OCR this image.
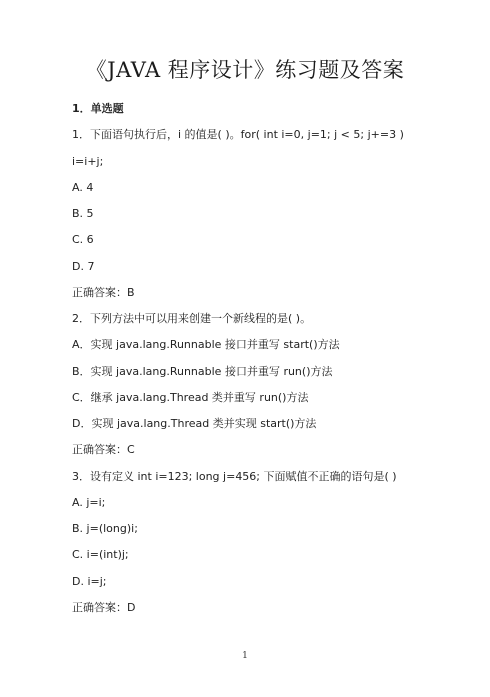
《JAVA 程序设计》练习题及答案
1．单选题
1．下面语句执行后，i 的值是( )。for( int i=0, j=1; j < 5; j+=3 )
i=i+j;
A. 4
B. 5
C. 6
D. 7
正确答案：B
2．下列方法中可以用来创建一个新线程的是( )。
A．实现 java.lang.Runnable 接口并重写 start()方法
B．实现 java.lang.Runnable 接口并重写 run()方法
C．继承 java.lang.Thread 类并重写 run()方法
D．实现 java.lang.Thread 类并实现 start()方法
正确答案：C
3．设有定义 int i=123; long j=456; 下面赋值不正确的语句是( )
A. j=i;
B. j=(long)i;
C. i=(int)j;
D. i=j;
正确答案：D
1
